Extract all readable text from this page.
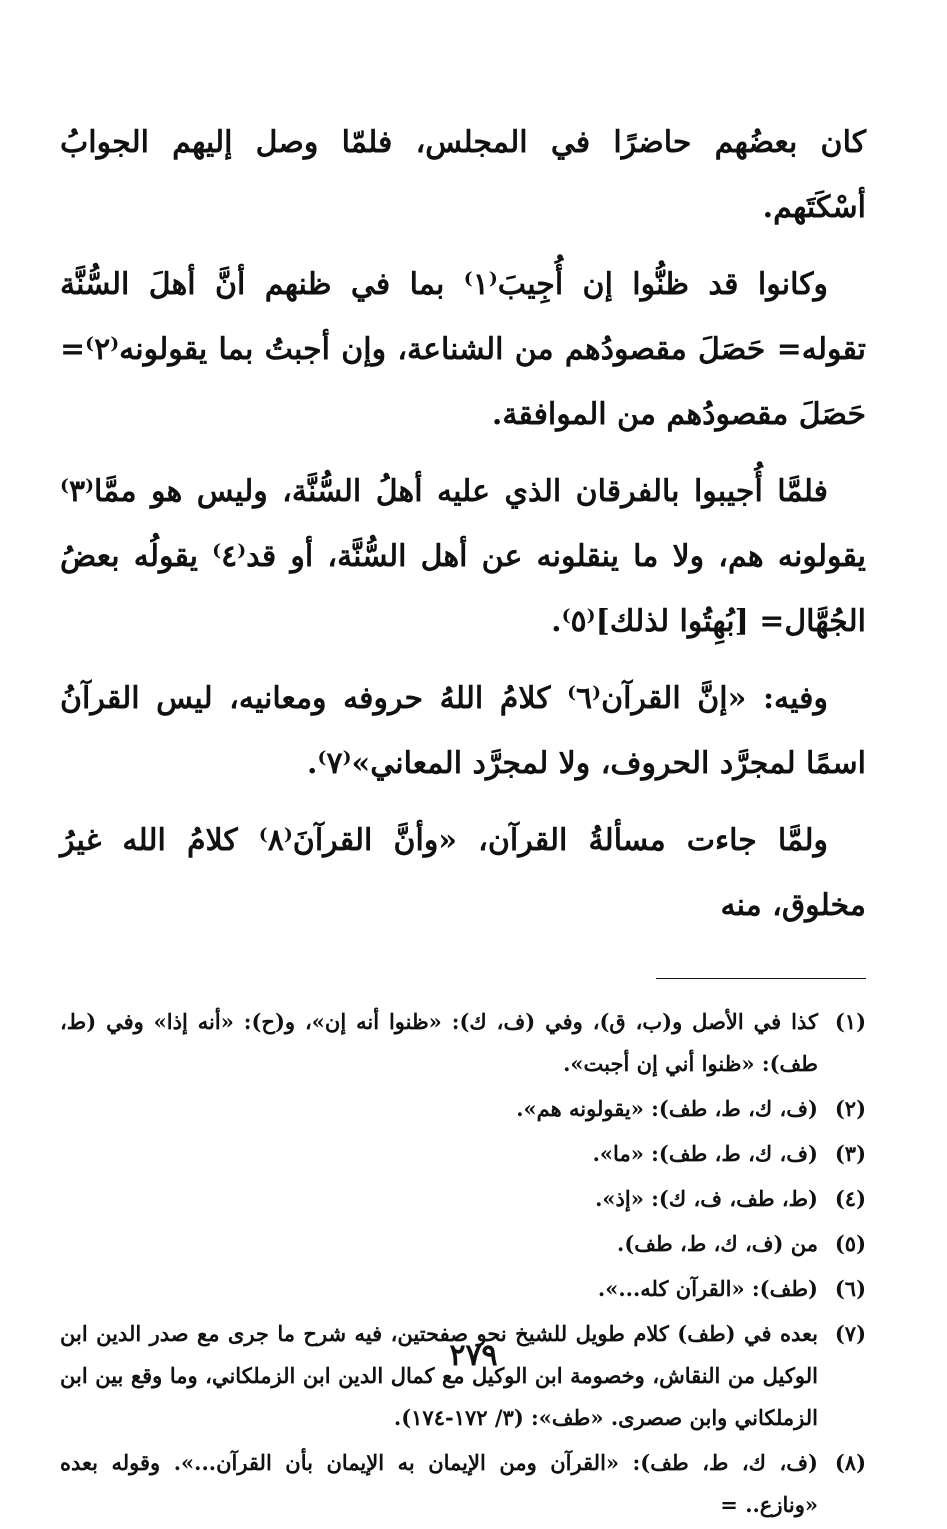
كان بعضُهم حاضرًا في المجلس، فلمّا وصل إليهم الجوابُ أسْكَتَهم.

وكانوا قد ظنُّوا إن أُجِيبَ⁽١⁾ بما في ظنهم أنَّ أهلَ السُّنَّة تقوله= حَصَلَ مقصودُهم من الشناعة، وإن أجبتُ بما يقولونه⁽٢⁾= حَصَلَ مقصودُهم من الموافقة.

فلمَّا أُجيبوا بالفرقان الذي عليه أهلُ السُّنَّة، وليس هو ممَّا⁽٣⁾ يقولونه هم، ولا ما ينقلونه عن أهل السُّنَّة، أو قد⁽٤⁾ يقولُه بعضُ الجُهَّال= [بُهِتُوا لذلك]⁽٥⁾.

وفيه: «إنَّ القرآن⁽٦⁾ كلامُ اللهُ حروفه ومعانيه، ليس القرآنُ اسمًا لمجرَّد الحروف، ولا لمجرَّد المعاني»⁽٧⁾.

ولمَّا جاءت مسألةُ القرآن، «وأنَّ القرآنَ⁽٨⁾ كلامُ الله غيرُ مخلوق، منه

(١)
كذا في الأصل و(ب، ق)، وفي (ف، ك): «ظنوا أنه إن»، و(ح): «أنه إذا» وفي (ط، طف): «ظنوا أني إن أجبت».
(٢)
(ف، ك، ط، طف): «يقولونه هم».
(٣)
(ف، ك، ط، طف): «ما».
(٤)
(ط، طف، ف، ك): «إذ».
(٥)
من (ف، ك، ط، طف).
(٦)
(طف): «القرآن كله...».
(٧)
بعده في (طف) كلام طويل للشيخ نحو صفحتين، فيه شرح ما جرى مع صدر الدين ابن الوكيل من النقاش، وخصومة ابن الوكيل مع كمال الدين ابن الزملكاني، وما وقع بين ابن الزملكاني وابن صصرى. «طف»: (٣/ ١٧٢-١٧٤).
(٨)
(ف، ك، ط، طف): «القرآن ومن الإيمان به الإيمان بأن القرآن...». وقوله بعده «ونازع.. =
٢٧٩
